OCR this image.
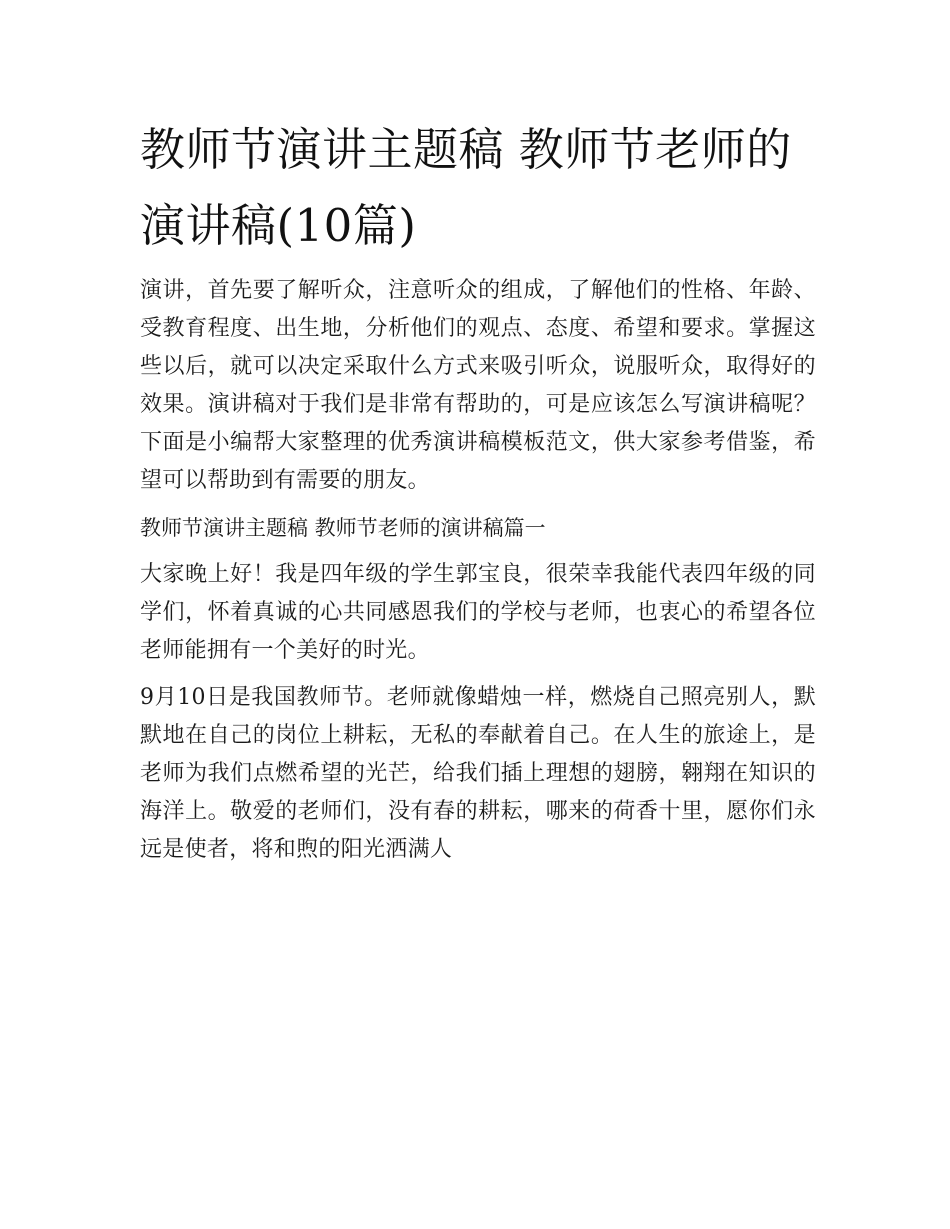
教师节演讲主题稿 教师节老师的演讲稿(10篇)

演讲，首先要了解听众，注意听众的组成，了解他们的性格、年龄、受教育程度、出生地，分析他们的观点、态度、希望和要求。掌握这些以后，就可以决定采取什么方式来吸引听众，说服听众，取得好的效果。演讲稿对于我们是非常有帮助的，可是应该怎么写演讲稿呢？下面是小编帮大家整理的优秀演讲稿模板范文，供大家参考借鉴，希望可以帮助到有需要的朋友。

教师节演讲主题稿 教师节老师的演讲稿篇一

大家晚上好！我是四年级的学生郭宝良，很荣幸我能代表四年级的同学们，怀着真诚的心共同感恩我们的学校与老师，也衷心的希望各位老师能拥有一个美好的时光。

9月10日是我国教师节。老师就像蜡烛一样，燃烧自己照亮别人，默默地在自己的岗位上耕耘，无私的奉献着自己。在人生的旅途上，是老师为我们点燃希望的光芒，给我们插上理想的翅膀，翱翔在知识的海洋上。敬爱的老师们，没有春的耕耘，哪来的荷香十里，愿你们永远是使者，将和煦的阳光洒满人
